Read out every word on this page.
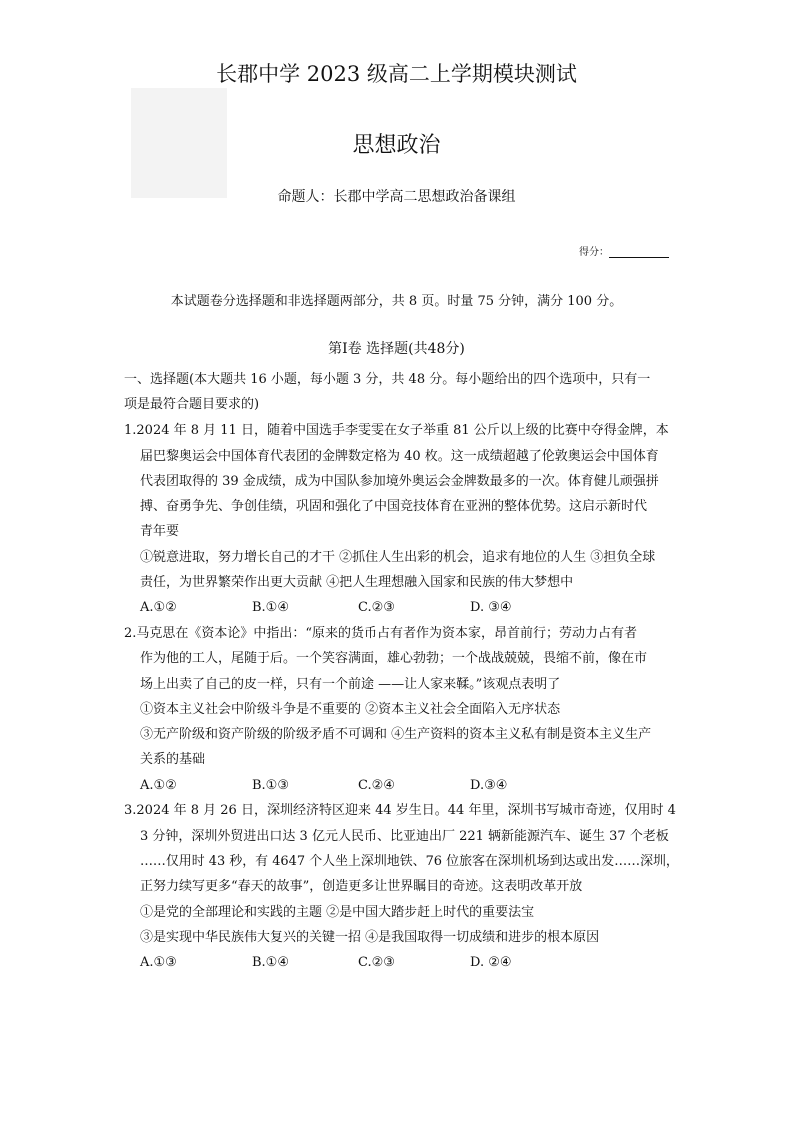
长郡中学 2023 级高二上学期模块测试
思想政治
命题人：长郡中学高二思想政治备课组
得分：
本试题卷分选择题和非选择题两部分，共 8 页。时量 75 分钟，满分 100 分。
第Ⅰ卷 选择题(共48分)
一、选择题(本大题共 16 小题，每小题 3 分，共 48 分。每小题给出的四个选项中，只有一
项是最符合题目要求的)
1.2024 年 8 月 11 日，随着中国选手李雯雯在女子举重 81 公斤以上级的比赛中夺得金牌，本
届巴黎奥运会中国体育代表团的金牌数定格为 40 枚。这一成绩超越了伦敦奥运会中国体育
代表团取得的 39 金成绩，成为中国队参加境外奥运会金牌数最多的一次。体育健儿顽强拼
搏、奋勇争先、争创佳绩，巩固和强化了中国竞技体育在亚洲的整体优势。这启示新时代
青年要
①锐意进取，努力增长自己的才干 ②抓住人生出彩的机会，追求有地位的人生 ③担负全球
责任，为世界繁荣作出更大贡献 ④把人生理想融入国家和民族的伟大梦想中
A.①②	B.①④	C.②③	D. ③④
2.马克思在《资本论》中指出：“原来的货币占有者作为资本家，昂首前行；劳动力占有者
作为他的工人，尾随于后。一个笑容满面，雄心勃勃；一个战战兢兢，畏缩不前，像在市
场上出卖了自己的皮一样，只有一个前途 ——让人家来鞣。”该观点表明了
①资本主义社会中阶级斗争是不重要的 ②资本主义社会全面陷入无序状态
③无产阶级和资产阶级的阶级矛盾不可调和 ④生产资料的资本主义私有制是资本主义生产
关系的基础
A.①②	B.①③	C.②④	D.③④
3.2024 年 8 月 26 日，深圳经济特区迎来 44 岁生日。44 年里，深圳书写城市奇迹，仅用时 4
3 分钟，深圳外贸进出口达 3 亿元人民币、比亚迪出厂 221 辆新能源汽车、诞生 37 个老板
……仅用时 43 秒，有 4647 个人坐上深圳地铁、76 位旅客在深圳机场到达或出发……深圳，
正努力续写更多“春天的故事”，创造更多让世界瞩目的奇迹。这表明改革开放
①是党的全部理论和实践的主题 ②是中国大踏步赶上时代的重要法宝
③是实现中华民族伟大复兴的关键一招 ④是我国取得一切成绩和进步的根本原因
A.①③	B.①④	C.②③	D. ②④
